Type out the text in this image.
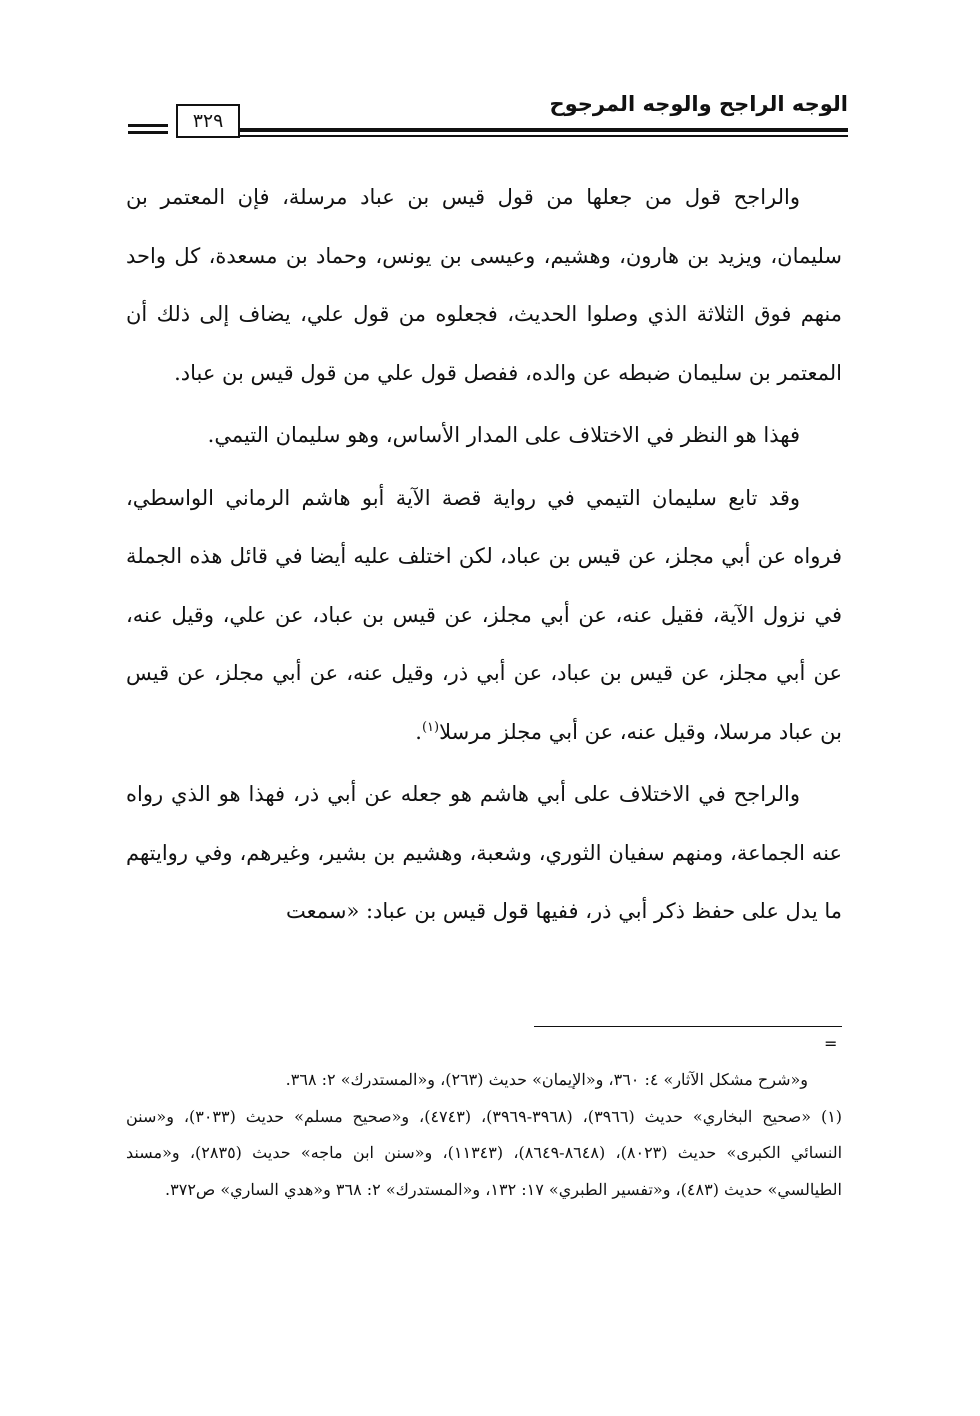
الوجه الراجح والوجه المرجوح
٣٢٩

والراجح قول من جعلها من قول قيس بن عباد مرسلة، فإن المعتمر بن سليمان، ويزيد بن هارون، وهشيم، وعيسى بن يونس، وحماد بن مسعدة، كل واحد منهم فوق الثلاثة الذي وصلوا الحديث، فجعلوه من قول علي، يضاف إلى ذلك أن المعتمر بن سليمان ضبطه عن والده، ففصل قول علي من قول قيس بن عباد.

فهذا هو النظر في الاختلاف على المدار الأساس، وهو سليمان التيمي.

وقد تابع سليمان التيمي في رواية قصة الآية أبو هاشم الرماني الواسطي، فرواه عن أبي مجلز، عن قيس بن عباد، لكن اختلف عليه أيضا في قائل هذه الجملة في نزول الآية، فقيل عنه، عن أبي مجلز، عن قيس بن عباد، عن علي، وقيل عنه، عن أبي مجلز، عن قيس بن عباد، عن أبي ذر، وقيل عنه، عن أبي مجلز، عن قيس بن عباد مرسلا، وقيل عنه، عن أبي مجلز مرسلا$^{(١)}$.

والراجح في الاختلاف على أبي هاشم هو جعله عن أبي ذر، فهذا هو الذي رواه عنه الجماعة، ومنهم سفيان الثوري، وشعبة، وهشيم بن بشير، وغيرهم، وفي روايتهم ما يدل على حفظ ذكر أبي ذر، ففيها قول قيس بن عباد: «سمعت

=

و«شرح مشكل الآثار» ٤: ٣٦٠، و«الإيمان» حديث (٢٦٣)، و«المستدرك» ٢: ٣٦٨.

(١) «صحيح البخاري» حديث (٣٩٦٦)، (٣٩٦٨-٣٩٦٩)، (٤٧٤٣)، و«صحيح مسلم» حديث (٣٠٣٣)، و«سنن النسائي الكبرى» حديث (٨٠٢٣)، (٨٦٤٨-٨٦٤٩)، (١١٣٤٣)، و«سنن ابن ماجه» حديث (٢٨٣٥)، و«مسند الطيالسي» حديث (٤٨٣)، و«تفسير الطبري» ١٧: ١٣٢، و«المستدرك» ٢: ٣٦٨ و«هدي الساري» ص٣٧٢.
